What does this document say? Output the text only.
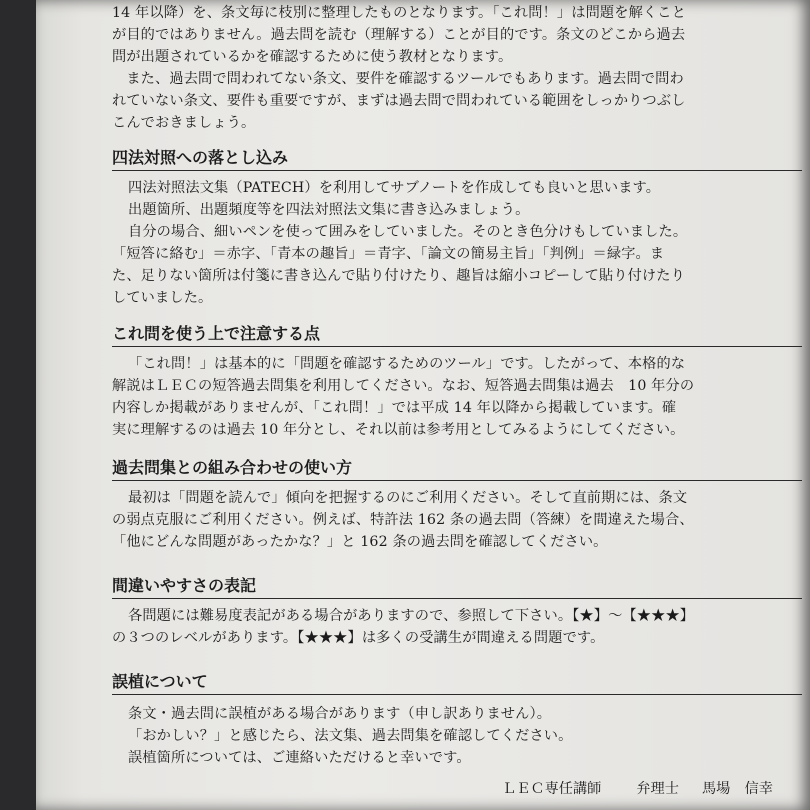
14 年以降）を、条文毎に枝別に整理したものとなります。「これ問！」は問題を解くこと

が目的ではありません。過去問を読む（理解する）ことが目的です。条文のどこから過去

問が出題されているかを確認するために使う教材となります。

　また、過去問で問われてない条文、要件を確認するツールでもあります。過去問で問わ

れていない条文、要件も重要ですが、まずは過去問で問われている範囲をしっかりつぶし

こんでおきましょう。

四法対照への落とし込み

四法対照法文集（PATECH）を利用してサブノートを作成しても良いと思います。

出題箇所、出題頻度等を四法対照法文集に書き込みましょう。

自分の場合、細いペンを使って囲みをしていました。そのとき色分けもしていました。

「短答に絡む」＝赤字、「青本の趣旨」＝青字、「論文の簡易主旨」「判例」＝緑字。ま

た、足りない箇所は付箋に書き込んで貼り付けたり、趣旨は縮小コピーして貼り付けたり

していました。

これ問を使う上で注意する点

「これ問！」は基本的に「問題を確認するためのツール」です。したがって、本格的な

解説はＬＥＣの短答過去問集を利用してください。なお、短答過去問集は過去　10 年分の

内容しか掲載がありませんが、「これ問！」では平成 14 年以降から掲載しています。確

実に理解するのは過去 10 年分とし、それ以前は参考用としてみるようにしてください。

過去問集との組み合わせの使い方

最初は「問題を読んで」傾向を把握するのにご利用ください。そして直前期には、条文

の弱点克服にご利用ください。例えば、特許法 162 条の過去問（答練）を間違えた場合、

「他にどんな問題があったかな？」と 162 条の過去問を確認してください。

間違いやすさの表記

各問題には難易度表記がある場合がありますので、参照して下さい。【★】～【★★★】

の３つのレベルがあります。【★★★】は多くの受講生が間違える問題です。

誤植について

条文・過去問に誤植がある場合があります（申し訳ありません）。

「おかしい？」と感じたら、法文集、過去問集を確認してください。

誤植箇所については、ご連絡いただけると幸いです。

ＬＥＣ専任講師 弁理士 馬場　信幸
